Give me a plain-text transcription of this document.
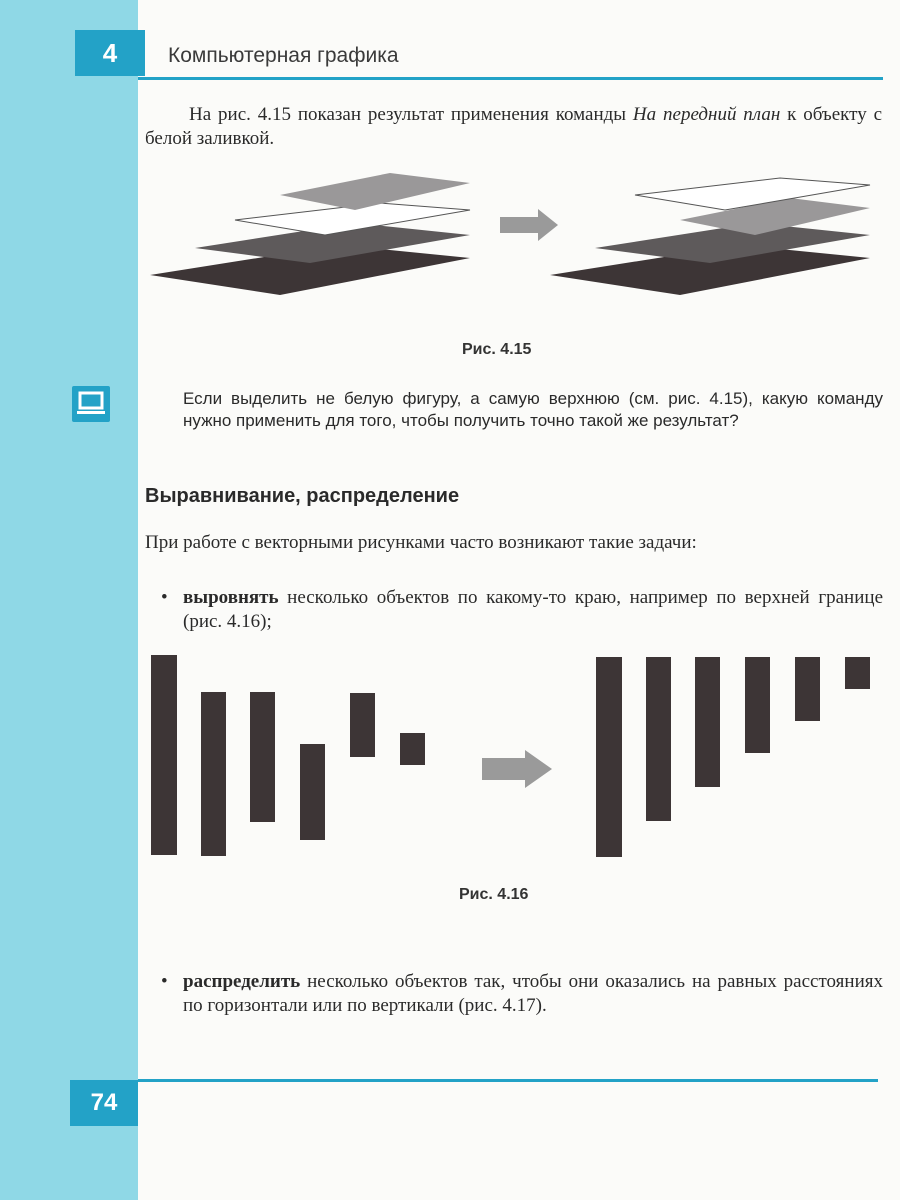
4	Компьютерная графика

На рис. 4.15 показан результат применения команды На передний план к объекту с белой заливкой.

Рис. 4.15

Если выделить не белую фигуру, а самую верхнюю (см. рис. 4.15), какую команду нужно применить для того, чтобы получить точно такой же результат?

Выравнивание, распределение

При работе с векторными рисунками часто возникают такие задачи:

• выровнять несколько объектов по какому-то краю, например по верхней границе (рис. 4.16);
Рис. 4.16
• распределить несколько объектов так, чтобы они оказались на равных расстояниях по горизонтали или по вертикали (рис. 4.17).
74
